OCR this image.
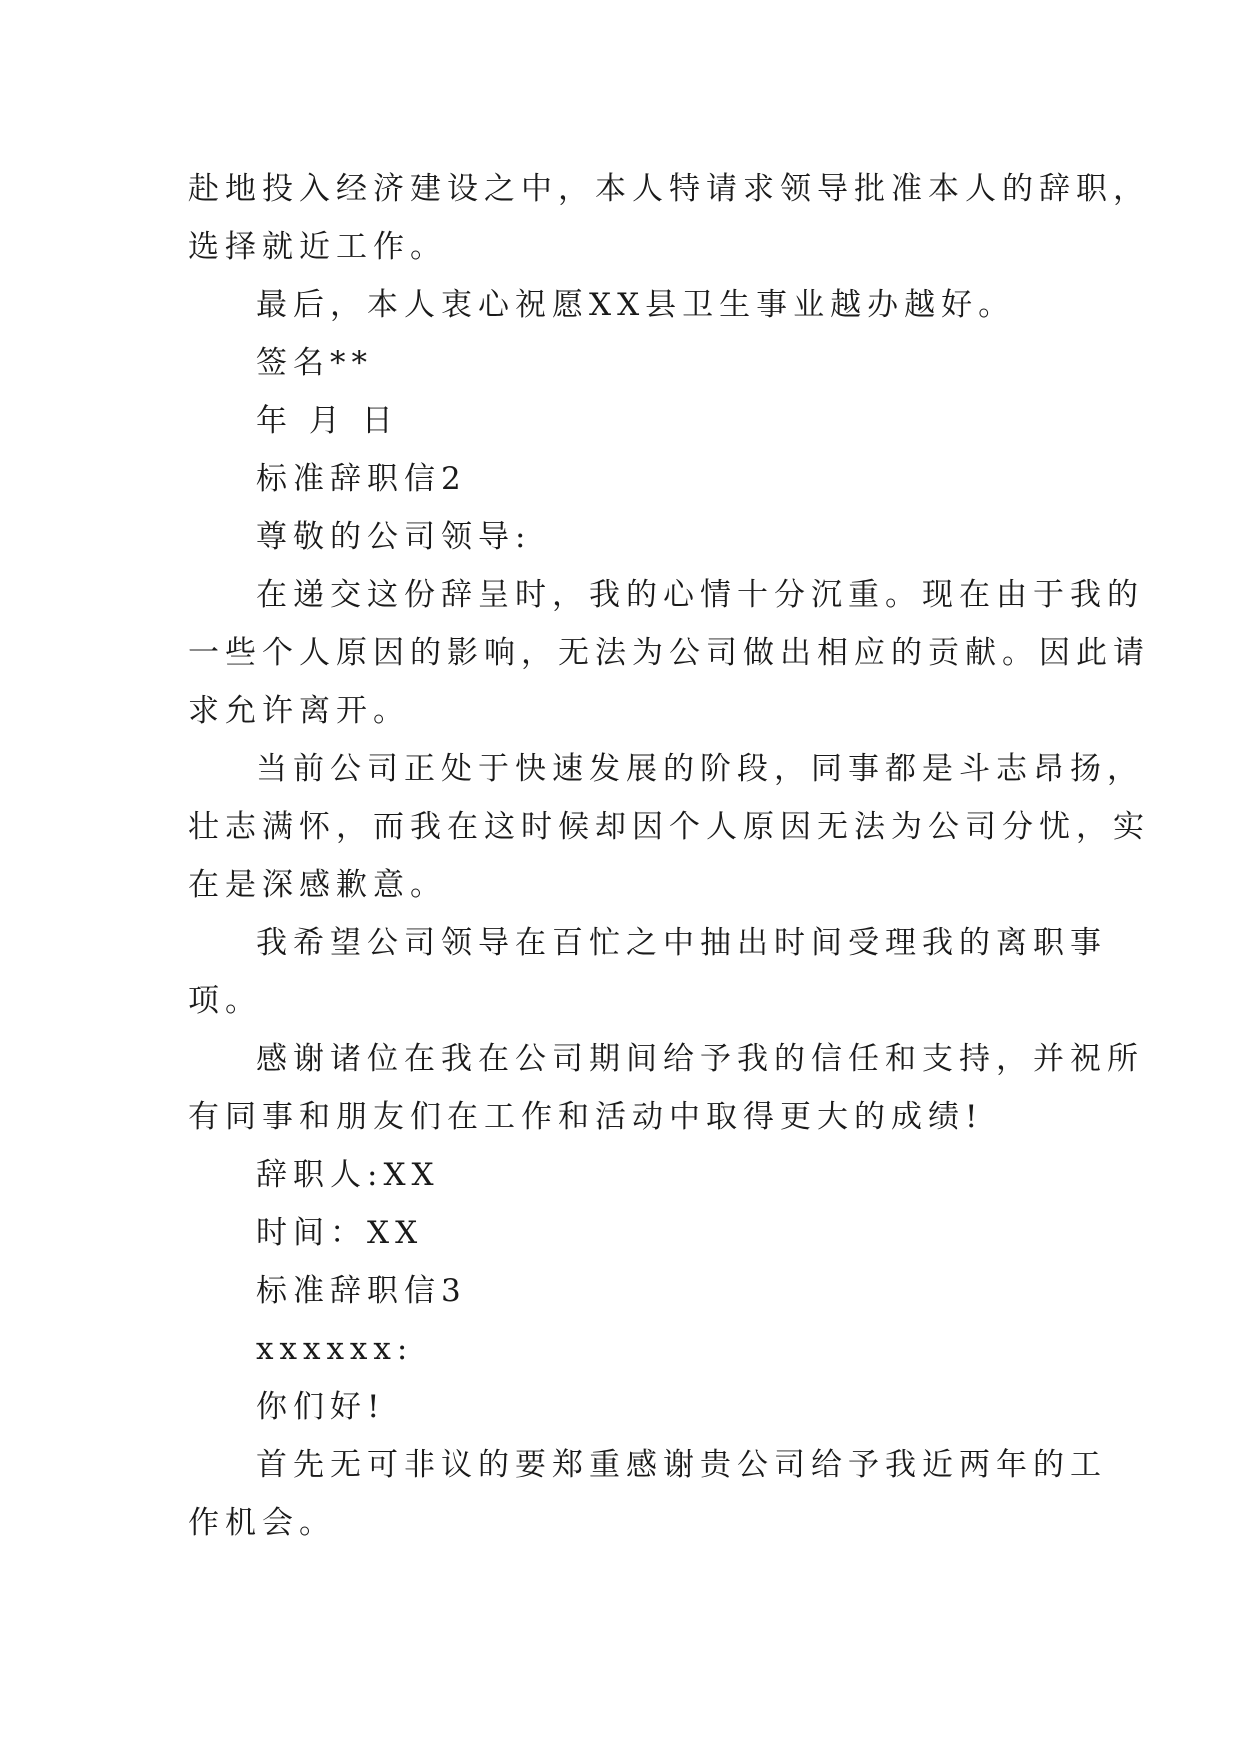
赴地投入经济建设之中，本人特请求领导批准本人的辞职，
选择就近工作。
最后，本人衷心祝愿XX县卫生事业越办越好。
签名**
年 月 日
标准辞职信2
尊敬的公司领导:
在递交这份辞呈时，我的心情十分沉重。现在由于我的
一些个人原因的影响，无法为公司做出相应的贡献。因此请
求允许离开。
当前公司正处于快速发展的阶段，同事都是斗志昂扬，
壮志满怀，而我在这时候却因个人原因无法为公司分忧，实
在是深感歉意。
我希望公司领导在百忙之中抽出时间受理我的离职事
项。
感谢诸位在我在公司期间给予我的信任和支持，并祝所
有同事和朋友们在工作和活动中取得更大的成绩!
辞职人:XX
时间：XX
标准辞职信3
xxxxxx:
你们好!
首先无可非议的要郑重感谢贵公司给予我近两年的工
作机会。
